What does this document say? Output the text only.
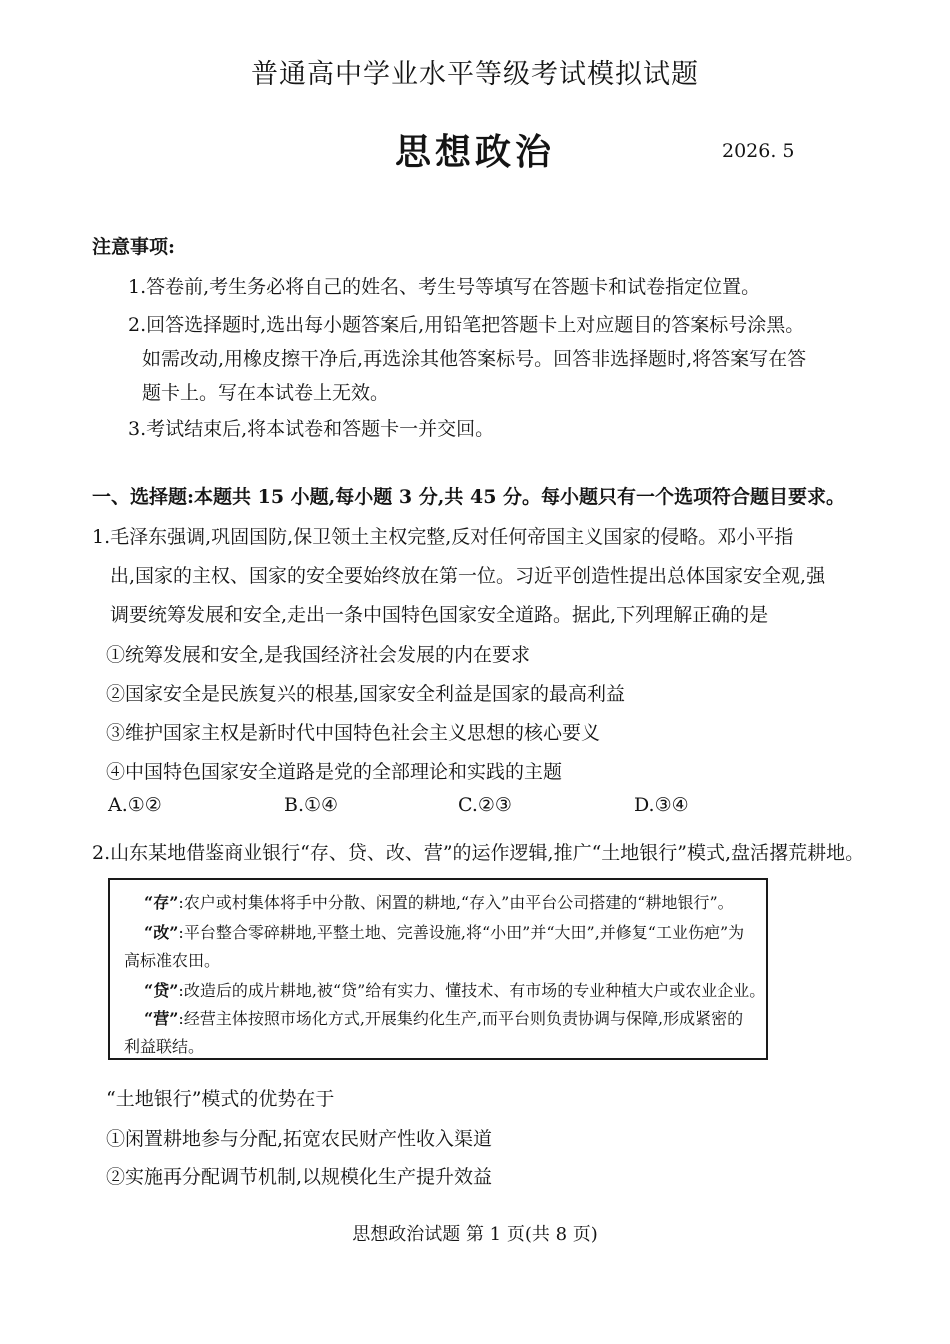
普通高中学业水平等级考试模拟试题
思想政治	2026. 5
注意事项:
1.答卷前,考生务必将自己的姓名、考生号等填写在答题卡和试卷指定位置。
2.回答选择题时,选出每小题答案后,用铅笔把答题卡上对应题目的答案标号涂黑。
如需改动,用橡皮擦干净后,再选涂其他答案标号。回答非选择题时,将答案写在答
题卡上。写在本试卷上无效。
3.考试结束后,将本试卷和答题卡一并交回。
一、选择题:本题共 15 小题,每小题 3 分,共 45 分。每小题只有一个选项符合题目要求。
1.毛泽东强调,巩固国防,保卫领土主权完整,反对任何帝国主义国家的侵略。邓小平指
出,国家的主权、国家的安全要始终放在第一位。习近平创造性提出总体国家安全观,强
调要统筹发展和安全,走出一条中国特色国家安全道路。据此,下列理解正确的是
①统筹发展和安全,是我国经济社会发展的内在要求
②国家安全是民族复兴的根基,国家安全利益是国家的最高利益
③维护国家主权是新时代中国特色社会主义思想的核心要义
④中国特色国家安全道路是党的全部理论和实践的主题
A.①②	B.①④	C.②③	D.③④
2.山东某地借鉴商业银行“存、贷、改、营”的运作逻辑,推广“土地银行”模式,盘活撂荒耕地。
“存”:农户或村集体将手中分散、闲置的耕地,“存入”由平台公司搭建的“耕地银行”。
“改”:平台整合零碎耕地,平整土地、完善设施,将“小田”并“大田”,并修复“工业伤疤”为
高标准农田。
“贷”:改造后的成片耕地,被“贷”给有实力、懂技术、有市场的专业种植大户或农业企业。
“营”:经营主体按照市场化方式,开展集约化生产,而平台则负责协调与保障,形成紧密的
利益联结。
“土地银行”模式的优势在于
①闲置耕地参与分配,拓宽农民财产性收入渠道
②实施再分配调节机制,以规模化生产提升效益
思想政治试题 第 1 页(共 8 页)
